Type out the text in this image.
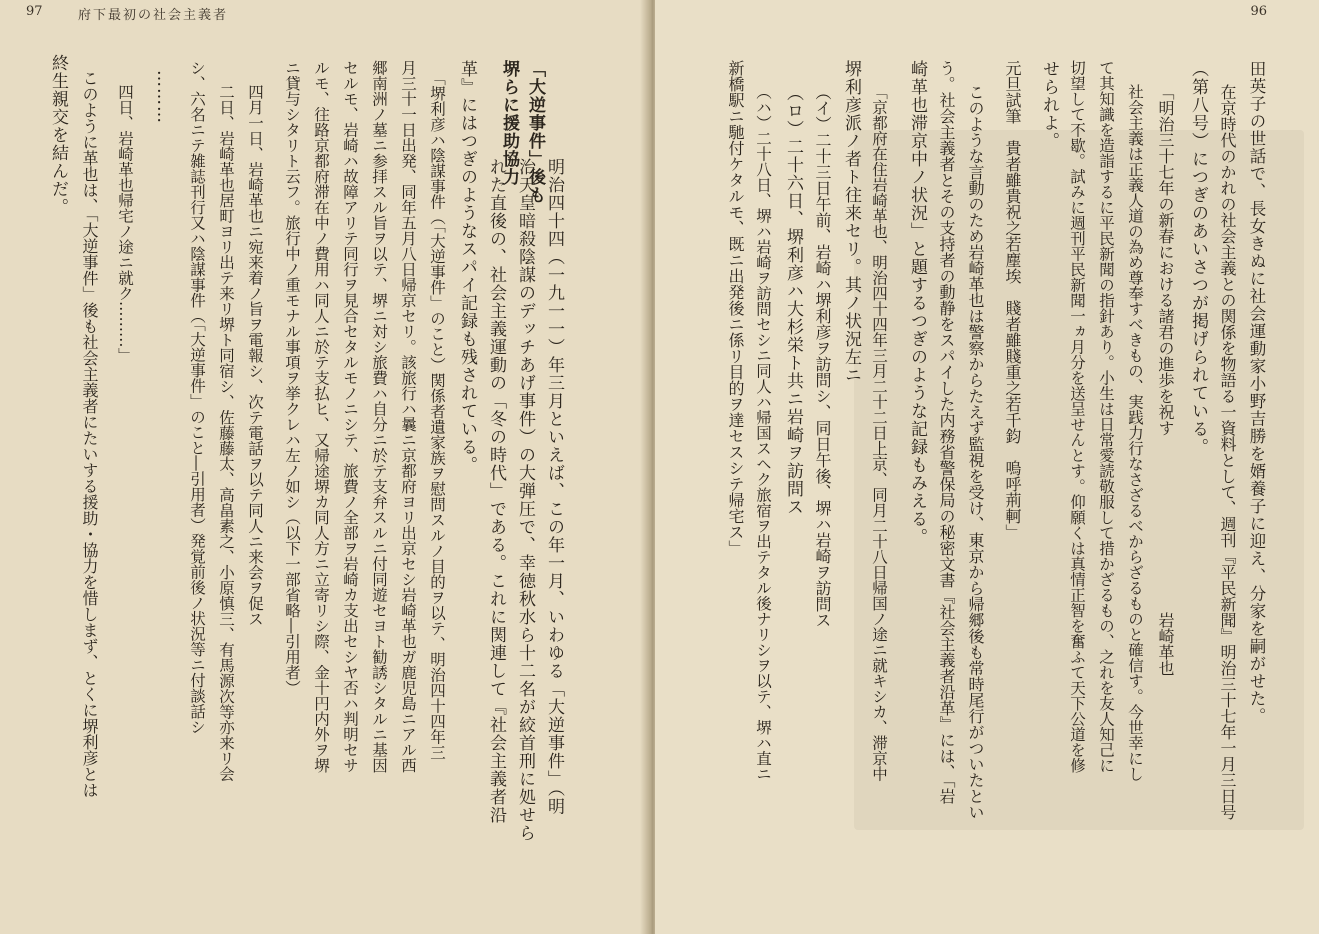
97	府下最初の社会主義者
「大逆事件」後も
堺らに援助協力
明治四十四（一九一一）年三月といえば、この年一月、いわゆる「大逆事件」（明
治天皇暗殺陰謀のデッチあげ事件）の大弾圧で、幸徳秋水ら十二名が絞首刑に処せら
れた直後の、社会主義運動の「冬の時代」である。これに関連して『社会主義者沿
革』にはつぎのようなスパイ記録も残されている。
「堺利彦ハ陰謀事件（「大逆事件」のこと）関係者遺家族ヲ慰問スルノ目的ヲ以テ、明治四十四年三
月三十一日出発、同年五月八日帰京セリ。該旅行ハ曩ニ京都府ヨリ出京セシ岩崎革也ガ鹿児島ニアル西
郷南洲ノ墓ニ参拝スル旨ヲ以テ、堺ニ対シ旅費ハ自分ニ於テ支弁スルニ付同遊セヨト勧誘シタルニ基因
セルモ、岩崎ハ故障アリテ同行ヲ見合セタルモノニシテ、旅費ノ全部ヲ岩崎カ支出セシヤ否ハ判明セサ
ルモ、往路京都府滞在中ノ費用ハ同人ニ於テ支払ヒ、又帰途堺カ同人方ニ立寄リシ際、金十円内外ヲ堺
ニ貸与シタリト云フ。旅行中ノ重モナル事項ヲ挙クレハ左ノ如シ（以下一部省略―引用者）
四月一日、岩崎革也ニ宛来着ノ旨ヲ電報シ、次テ電話ヲ以テ同人ニ来会ヲ促ス
二日、岩崎革也居町ヨリ出テ来リ堺ト同宿シ、佐藤藤太、高畠素之、小原慎三、有馬源次等亦来リ会
シ、六名ニテ雑誌刊行又ハ陰謀事件（「大逆事件」のこと―引用者）発覚前後ノ状況等ニ付談話シ
………
四日、岩崎革也帰宅ノ途ニ就ク………」
このように革也は、「大逆事件」後も社会主義者にたいする援助・協力を惜しまず、とくに堺利彦とは
終生親交を結んだ。
96
田英子の世話で、長女きぬに社会運動家小野吉勝を婿養子に迎え、分家を嗣がせた。
在京時代のかれの社会主義との関係を物語る一資料として、週刊『平民新聞』明治三十七年一月三日号
（第八号）につぎのあいさつが掲げられている。
「明治三十七年の新春における諸君の進歩を祝す　　　　　　　　　　　岩崎革也
社会主義は正義人道の為め尊奉すべきもの、実践力行なさざるべからざるものと確信す。今世幸にし
て其知識を造詣するに平民新聞の指針あり。小生は日常愛読敬服して措かざるもの、之れを友人知己に
切望して不歇。試みに週刊平民新聞一ヵ月分を送呈せんとす。仰願くは真情正智を奮ふて天下公道を修
せられよ。
元旦試筆　貴者雖貴祝之若塵埃　賤者雖賤重之若千鈞　嗚呼荊軻」
このような言動のため岩崎革也は警察からたえず監視を受け、東京から帰郷後も常時尾行がついたとい
う。社会主義者とその支持者の動静をスパイした内務省警保局の秘密文書『社会主義者沿革』には、「岩
崎革也滞京中ノ状況」と題するつぎのような記録もみえる。
「京都府在住岩崎革也、明治四十四年三月二十二日上京、同月二十八日帰国ノ途ニ就キシカ、滞京中
堺利彦派ノ者ト往来セリ。其ノ状況左ニ
（イ）二十三日午前、岩崎ハ堺利彦ヲ訪問シ、同日午後、堺ハ岩崎ヲ訪問ス
（ロ）二十六日、堺利彦ハ大杉栄ト共ニ岩崎ヲ訪問ス
（ハ）二十八日、堺ハ岩崎ヲ訪問セシニ同人ハ帰国スヘク旅宿ヲ出テタル後ナリシヲ以テ、堺ハ直ニ
新橋駅ニ馳付ケタルモ、既ニ出発後ニ係リ目的ヲ達セスシテ帰宅ス」
